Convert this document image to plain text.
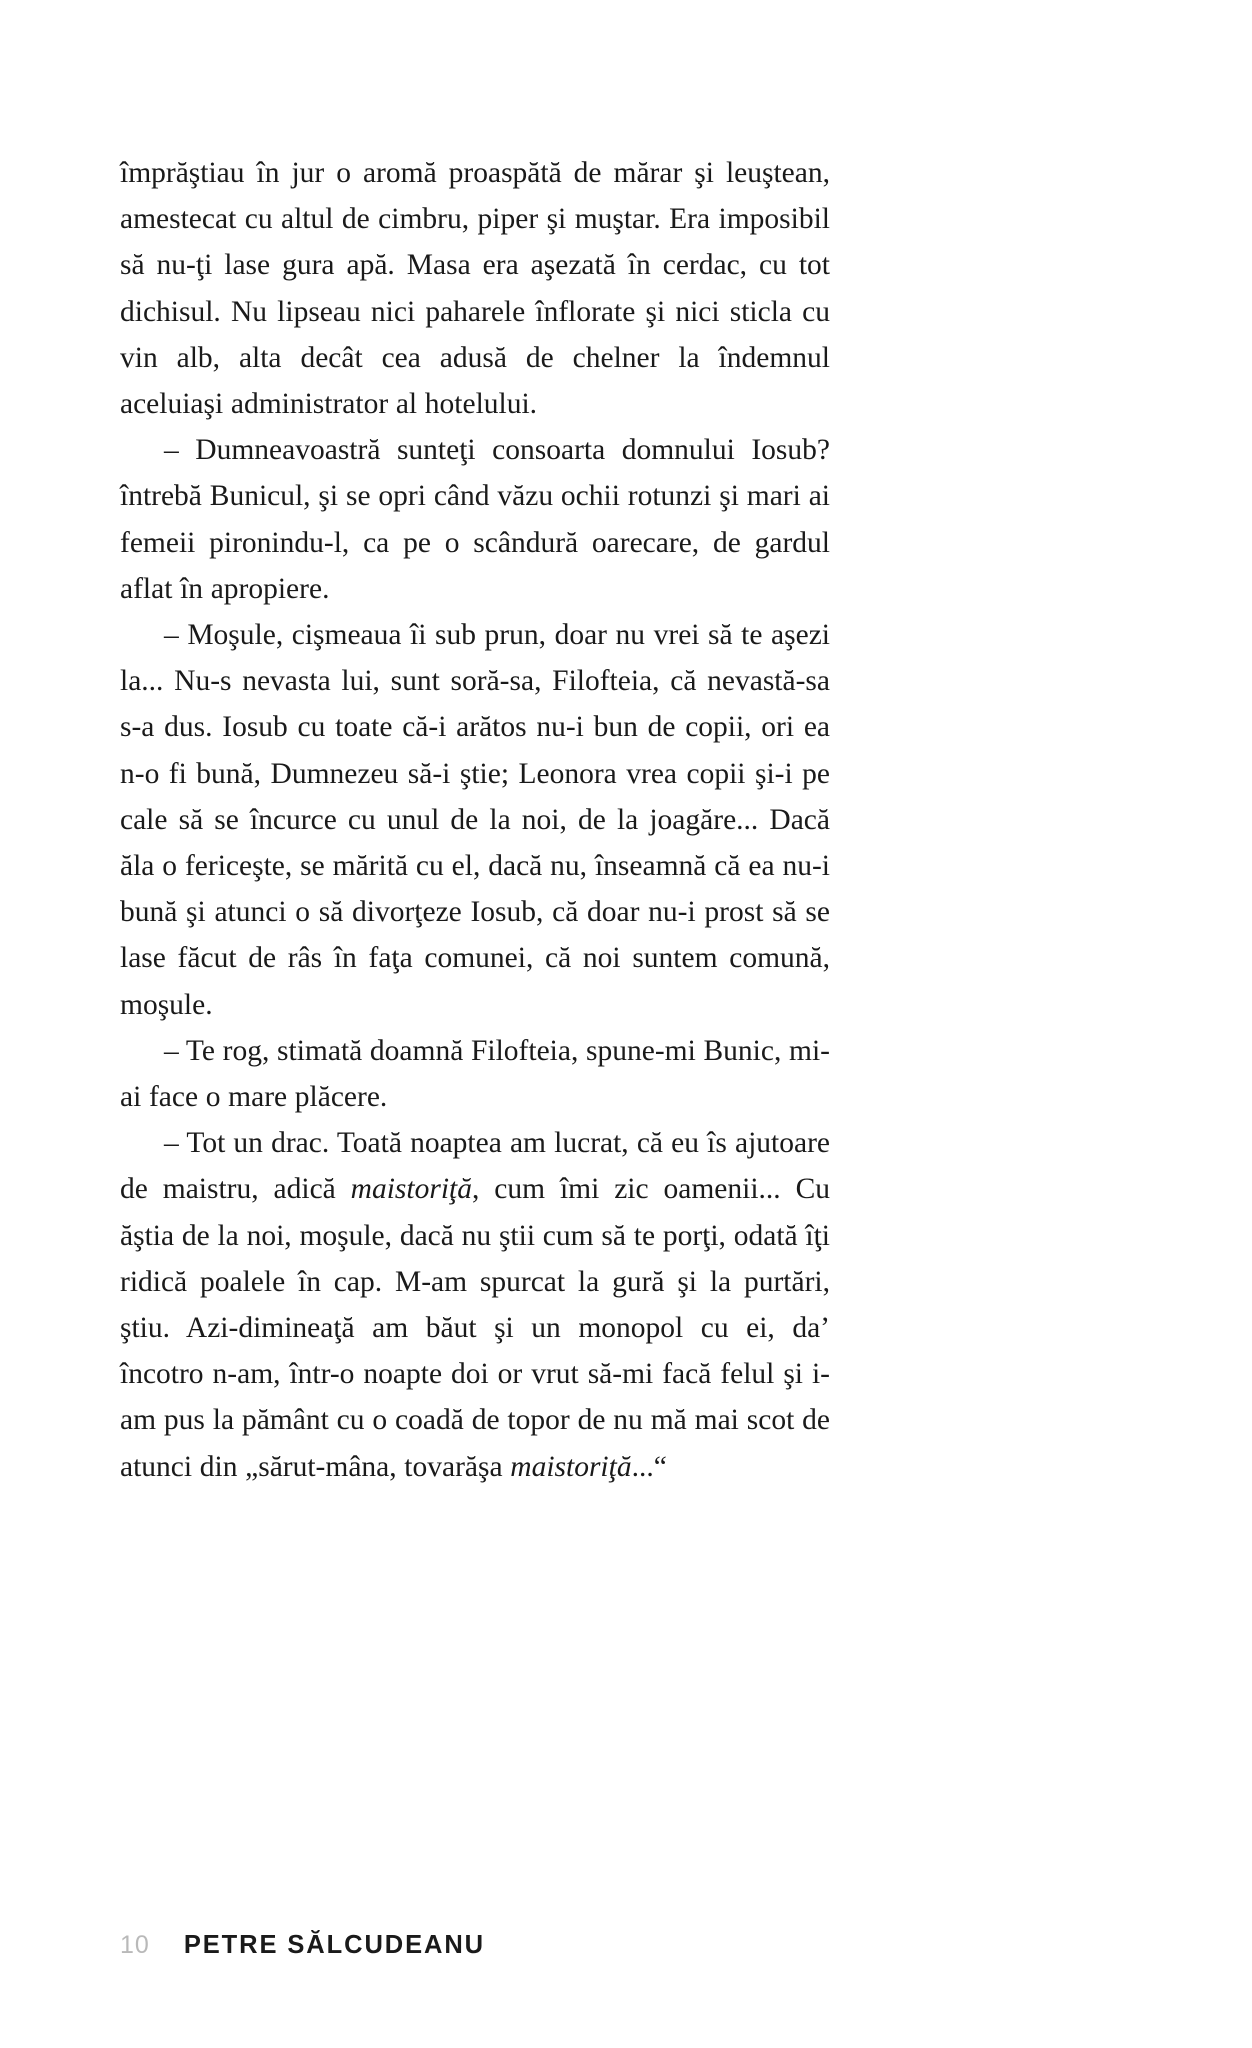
împrăştiau în jur o aromă proaspătă de mărar şi leuştean, amestecat cu altul de cimbru, piper şi muştar. Era imposibil să nu-ţi lase gura apă. Masa era aşezată în cerdac, cu tot dichisul. Nu lipseau nici paharele înflorate şi nici sticla cu vin alb, alta decât cea adusă de chelner la îndemnul aceluiaşi administrator al hotelului.

– Dumneavoastră sunteţi consoarta domnului Iosub? întrebă Bunicul, şi se opri când văzu ochii rotunzi şi mari ai femeii pironindu-l, ca pe o scândură oarecare, de gardul aflat în apropiere.

– Moşule, cişmeaua îi sub prun, doar nu vrei să te aşezi la... Nu-s nevasta lui, sunt soră-sa, Filofteia, că nevastă-sa s-a dus. Iosub cu toate că-i arătos nu-i bun de copii, ori ea n-o fi bună, Dumnezeu să-i ştie; Leonora vrea copii şi-i pe cale să se încurce cu unul de la noi, de la joagăre... Dacă ăla o fericeşte, se mărită cu el, dacă nu, înseamnă că ea nu-i bună şi atunci o să divorţeze Iosub, că doar nu-i prost să se lase făcut de râs în faţa comunei, că noi suntem comună, moşule.

– Te rog, stimată doamnă Filofteia, spune-mi Bunic, mi-ai face o mare plăcere.

– Tot un drac. Toată noaptea am lucrat, că eu îs ajutoare de maistru, adică maistoriţă, cum îmi zic oamenii... Cu ăştia de la noi, moşule, dacă nu ştii cum să te porţi, odată îţi ridică poalele în cap. M-am spurcat la gură şi la purtări, ştiu. Azi-dimineaţă am băut şi un monopol cu ei, da’ încotro n-am, într-o noapte doi or vrut să-mi facă felul şi i-am pus la pământ cu o coadă de topor de nu mă mai scot de atunci din „sărut-mâna, tovarăşa maistoriţă...“

10 PETRE SĂLCUDEANU
